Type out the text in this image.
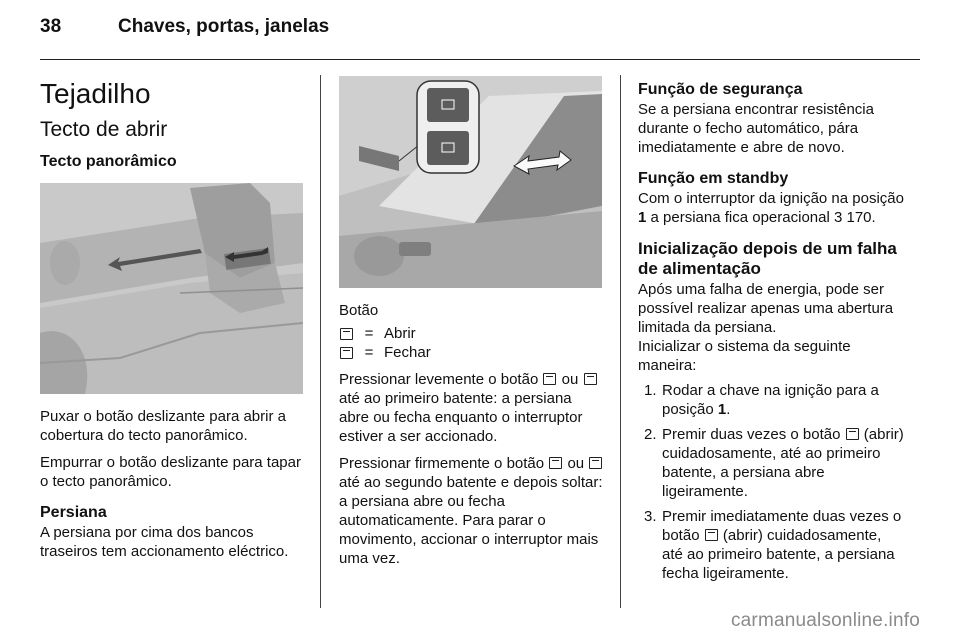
38	Chaves, portas, janelas
Tejadilho
Tecto de abrir
Tecto panorâmico

Puxar o botão deslizante para abrir a cobertura do tecto panorâmico.

Empurrar o botão deslizante para tapar o tecto panorâmico.

Persiana

A persiana por cima dos bancos traseiros tem accionamento eléctrico.

Botão

= Abrir
= Fechar

Pressionar levemente o botão ou
até ao primeiro batente: a persiana abre ou fecha enquanto o interruptor estiver a ser accionado.

Pressionar firmemente o botão ou
até ao segundo batente e depois soltar: a persiana abre ou fecha automaticamente. Para parar o movimento, accionar o interruptor mais uma vez.

Função de segurança

Se a persiana encontrar resistência durante o fecho automático, pára imediatamente e abre de novo.

Função em standby

Com o interruptor da ignição na posição 1 a persiana fica operacional 3 170.

Inicialização depois de um falha de alimentação

Após uma falha de energia, pode ser possível realizar apenas uma abertura limitada da persiana.

Inicializar o sistema da seguinte maneira:

1. Rodar a chave na ignição para a posição 1.
2. Premir duas vezes o botão (abrir) cuidadosamente, até ao primeiro batente, a persiana abre ligeiramente.
3. Premir imediatamente duas vezes o botão (abrir) cuidadosamente, até ao primeiro batente, a persiana fecha ligeiramente.
carmanualsonline.info
